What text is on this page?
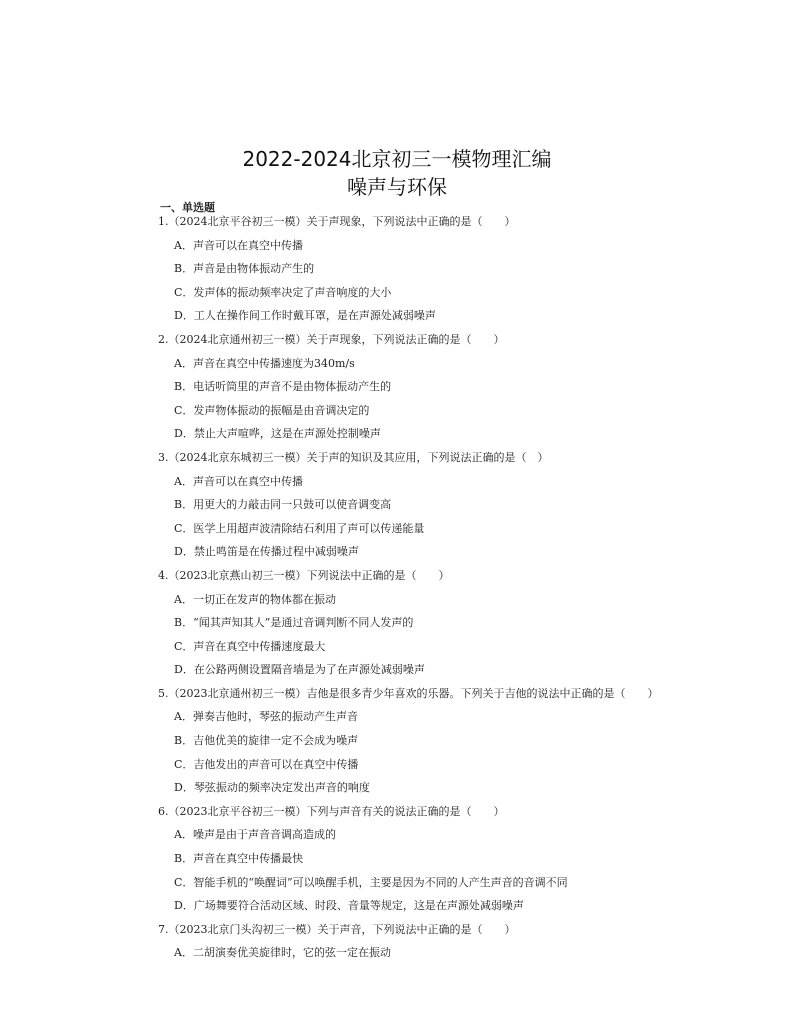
2022-2024北京初三一模物理汇编
噪声与环保
一、单选题
1.（2024北京平谷初三一模）关于声现象，下列说法中正确的是（　　）
A．声音可以在真空中传播
B．声音是由物体振动产生的
C．发声体的振动频率决定了声音响度的大小
D．工人在操作间工作时戴耳罩，是在声源处减弱噪声
2.（2024北京通州初三一模）关于声现象，下列说法正确的是（　　）
A．声音在真空中传播速度为340m/s
B．电话听筒里的声音不是由物体振动产生的
C．发声物体振动的振幅是由音调决定的
D．禁止大声喧哗，这是在声源处控制噪声
3.（2024北京东城初三一模）关于声的知识及其应用，下列说法正确的是（　）
A．声音可以在真空中传播
B．用更大的力敲击同一只鼓可以使音调变高
C．医学上用超声波清除结石利用了声可以传递能量
D．禁止鸣笛是在传播过程中减弱噪声
4.（2023北京燕山初三一模）下列说法中正确的是（　　）
A．一切正在发声的物体都在振动
B．“闻其声知其人”是通过音调判断不同人发声的
C．声音在真空中传播速度最大
D．在公路两侧设置隔音墙是为了在声源处减弱噪声
5.（2023北京通州初三一模）吉他是很多青少年喜欢的乐器。下列关于吉他的说法中正确的是（　　）
A．弹奏吉他时，琴弦的振动产生声音
B．吉他优美的旋律一定不会成为噪声
C．吉他发出的声音可以在真空中传播
D．琴弦振动的频率决定发出声音的响度
6.（2023北京平谷初三一模）下列与声音有关的说法正确的是（　　）
A．噪声是由于声音音调高造成的
B．声音在真空中传播最快
C．智能手机的“唤醒词”可以唤醒手机，主要是因为不同的人产生声音的音调不同
D．广场舞要符合活动区域、时段、音量等规定，这是在声源处减弱噪声
7.（2023北京门头沟初三一模）关于声音，下列说法中正确的是（　　）
A．二胡演奏优美旋律时，它的弦一定在振动
